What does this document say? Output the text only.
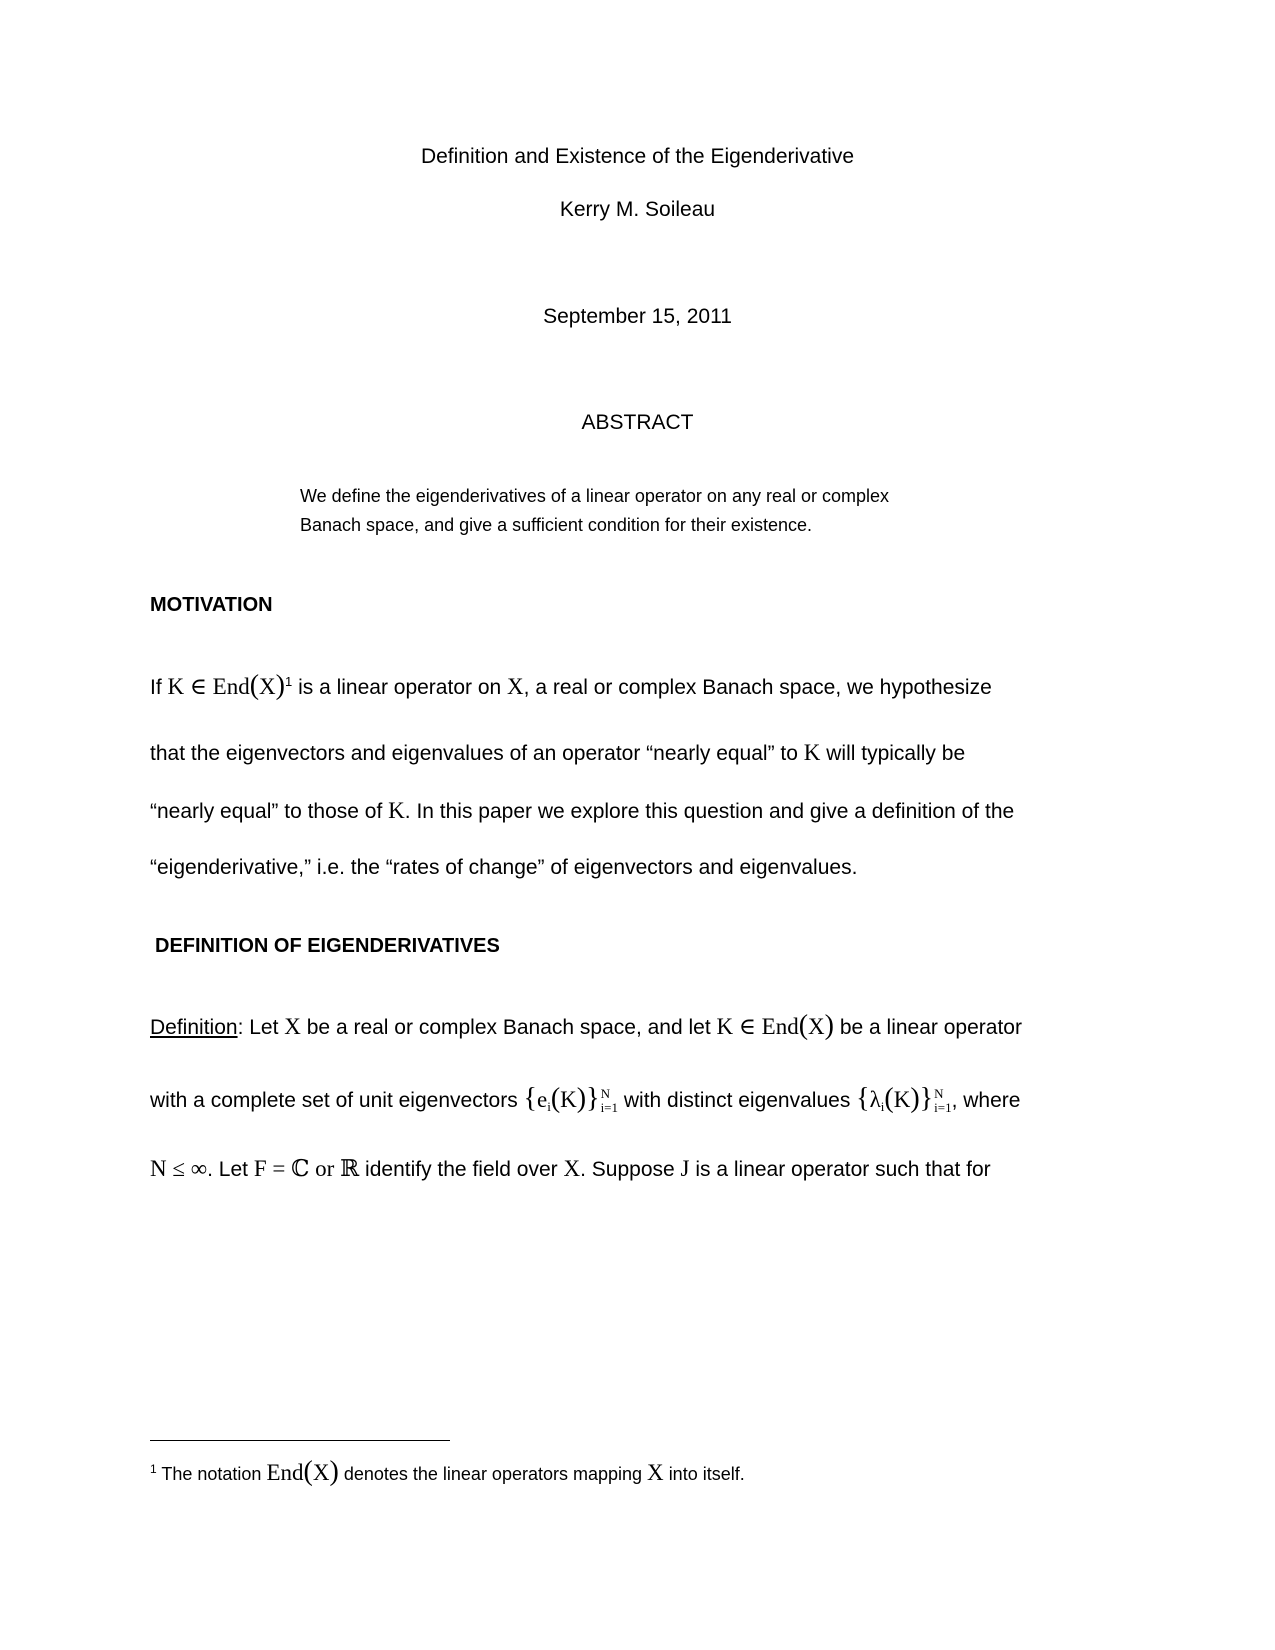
Definition and Existence of the Eigenderivative
Kerry M. Soileau
September 15, 2011
ABSTRACT
We define the eigenderivatives of a linear operator on any real or complex
Banach space, and give a sufficient condition for their existence.
MOTIVATION
If K ∈ End(X)$^1$ is a linear operator on X, a real or complex Banach space, we hypothesize
that the eigenvectors and eigenvalues of an operator “nearly equal” to K will typically be
“nearly equal” to those of K. In this paper we explore this question and give a definition of the
“eigenderivative,” i.e. the “rates of change” of eigenvectors and eigenvalues.
DEFINITION OF EIGENDERIVATIVES
Definition: Let X be a real or complex Banach space, and let K ∈ End(X) be a linear operator
with a complete set of unit eigenvectors $\{e_i(K)\}$ N
i=1 with distinct eigenvalues $\{\lambda_i(K)\}$ N
i=1 , where
N ≤ ∞. Let F = ℂ or ℝ identify the field over X. Suppose J is a linear operator such that for
$^1$ The notation End(X) denotes the linear operators mapping X into itself.
